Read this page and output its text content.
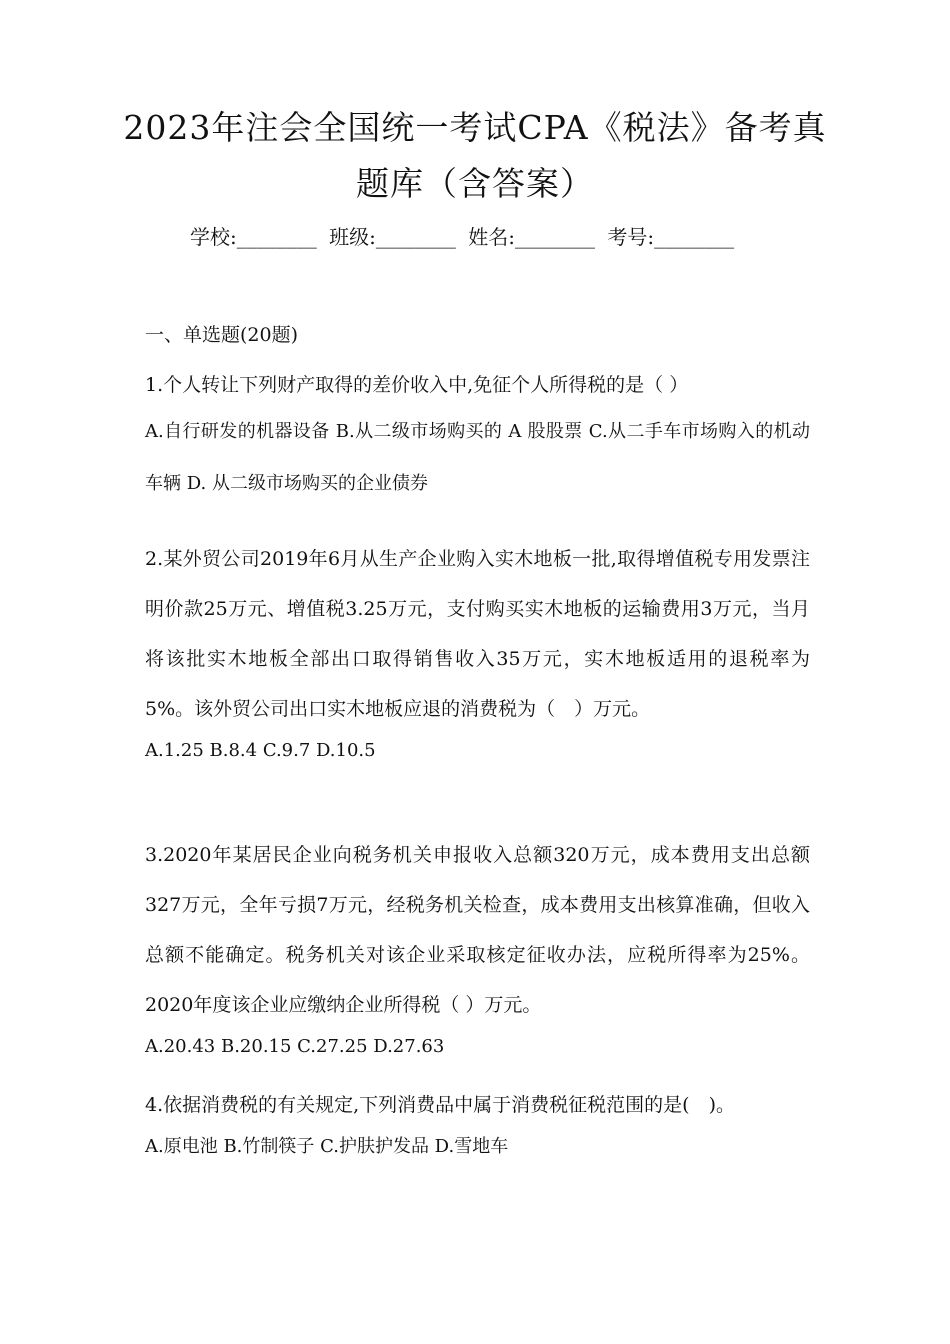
2023年注会全国统一考试CPA《税法》备考真题库（含答案）
学校:________ 班级:________ 姓名:________ 考号:________
一、单选题(20题)

1.个人转让下列财产取得的差价收入中,免征个人所得税的是（ ）

A.自行研发的机器设备 B.从二级市场购买的 A 股股票 C.从二手车市场购入的机动车辆 D. 从二级市场购买的企业债券

2.某外贸公司2019年6月从生产企业购入实木地板一批,取得增值税专用发票注明价款25万元、增值税3.25万元，支付购买实木地板的运输费用3万元，当月将该批实木地板全部出口取得销售收入35万元，实木地板适用的退税率为 5%。该外贸公司出口实木地板应退的消费税为（　）万元。

A.1.25 B.8.4 C.9.7 D.10.5

3.2020年某居民企业向税务机关申报收入总额320万元，成本费用支出总额327万元，全年亏损7万元，经税务机关检查，成本费用支出核算准确，但收入总额不能确定。税务机关对该企业采取核定征收办法，应税所得率为25%。2020年度该企业应缴纳企业所得税（ ）万元。

A.20.43 B.20.15 C.27.25 D.27.63

4.依据消费税的有关规定,下列消费品中属于消费税征税范围的是(　)。

A.原电池 B.竹制筷子 C.护肤护发品 D.雪地车
